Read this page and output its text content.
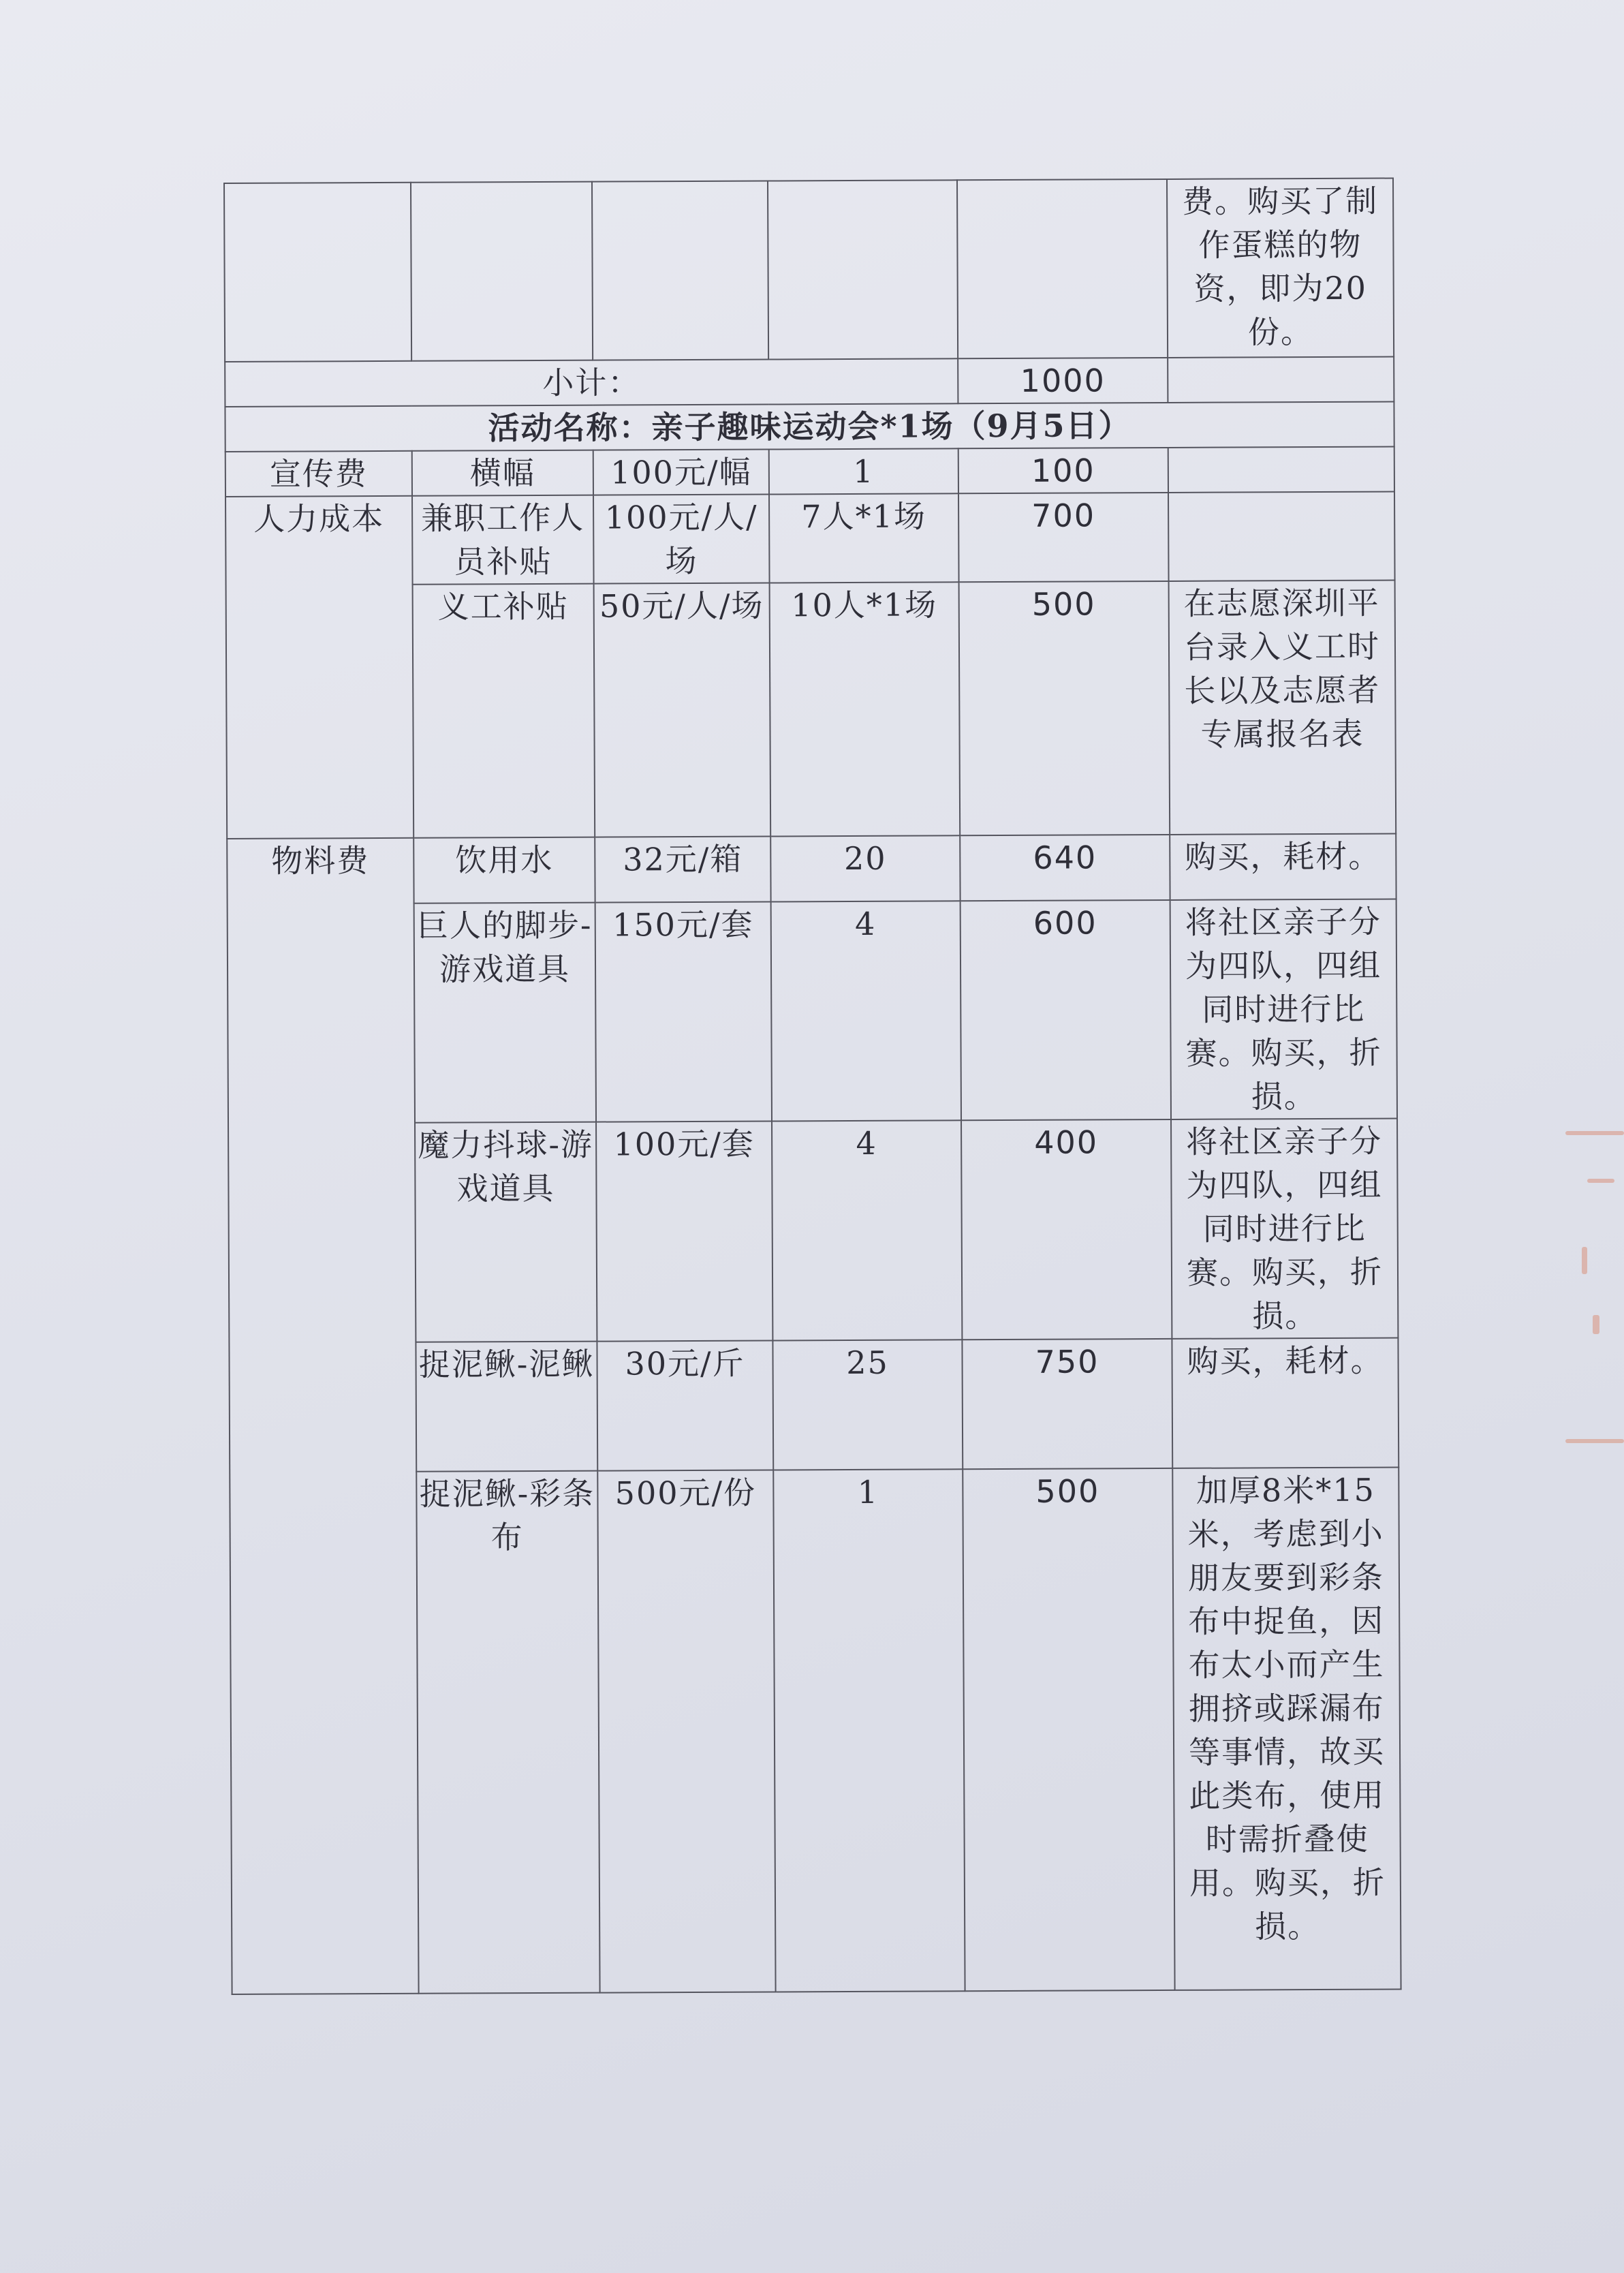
					费。购买了制作蛋糕的物资，即为20份。
小计：				1000	
活动名称：亲子趣味运动会*1场（9月5日）					
宣传费	横幅	100元/幅	1	100	
人力成本	兼职工作人员补贴	100元/人/场	7人*1场	700	
	义工补贴	50元/人/场	10人*1场	500	在志愿深圳平台录入义工时长以及志愿者专属报名表
物料费	饮用水	32元/箱	20	640	购买，耗材。
	巨人的脚步-游戏道具	150元/套	4	600	将社区亲子分为四队，四组同时进行比赛。购买，折损。
	魔力抖球-游戏道具	100元/套	4	400	将社区亲子分为四队，四组同时进行比赛。购买，折损。
	捉泥鳅-泥鳅	30元/斤	25	750	购买，耗材。
	捉泥鳅-彩条布	500元/份	1	500	加厚8米*15米，考虑到小朋友要到彩条布中捉鱼，因布太小而产生拥挤或踩漏布等事情，故买此类布，使用时需折叠使用。购买，折损。
